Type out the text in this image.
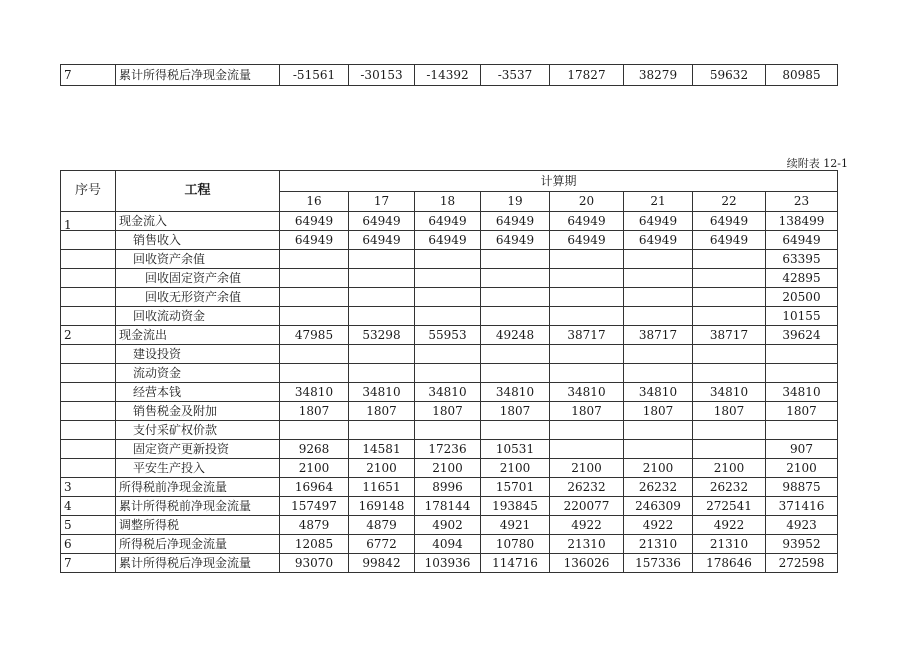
7	累计所得税后净现金流量	-51561	-30153	-14392	-3537	17827	38279	59632	80985
续附表 12-1
序号	工程	计算期							
		16	17	18	19	20	21	22	23
1	现金流入	64949	64949	64949	64949	64949	64949	64949	138499
	销售收入	64949	64949	64949	64949	64949	64949	64949	64949
	回收资产余值								63395
	回收固定资产余值								42895
	回收无形资产余值								20500
	回收流动资金								10155
2	现金流出	47985	53298	55953	49248	38717	38717	38717	39624
	建设投资								
	流动资金								
	经营本钱	34810	34810	34810	34810	34810	34810	34810	34810
	销售税金及附加	1807	1807	1807	1807	1807	1807	1807	1807
	支付采矿权价款								
	固定资产更新投资	9268	14581	17236	10531				907
	平安生产投入	2100	2100	2100	2100	2100	2100	2100	2100
3	所得税前净现金流量	16964	11651	8996	15701	26232	26232	26232	98875
4	累计所得税前净现金流量	157497	169148	178144	193845	220077	246309	272541	371416
5	调整所得税	4879	4879	4902	4921	4922	4922	4922	4923
6	所得税后净现金流量	12085	6772	4094	10780	21310	21310	21310	93952
7	累计所得税后净现金流量	93070	99842	103936	114716	136026	157336	178646	272598
